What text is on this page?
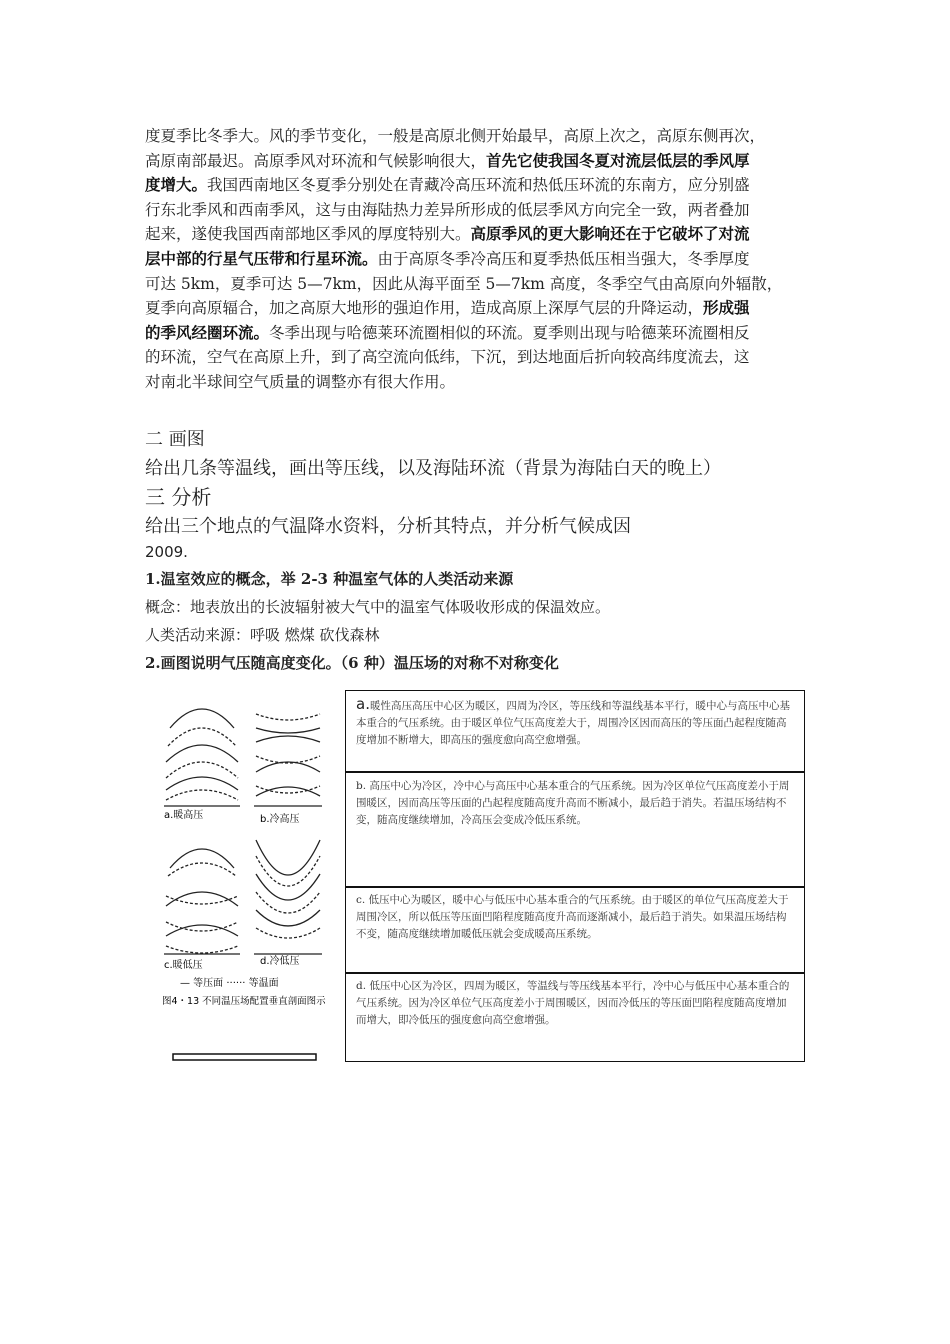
度夏季比冬季大。风的季节变化，一般是高原北侧开始最早，高原上次之，高原东侧再次，
高原南部最迟。高原季风对环流和气候影响很大，首先它使我国冬夏对流层低层的季风厚
度增大。我国西南地区冬夏季分别处在青藏冷高压环流和热低压环流的东南方，应分别盛
行东北季风和西南季风，这与由海陆热力差异所形成的低层季风方向完全一致，两者叠加
起来，遂使我国西南部地区季风的厚度特别大。高原季风的更大影响还在于它破坏了对流
层中部的行星气压带和行星环流。由于高原冬季冷高压和夏季热低压相当强大，冬季厚度
可达 5km，夏季可达 5—7km，因此从海平面至 5—7km 高度，冬季空气由高原向外辐散，
夏季向高原辐合，加之高原大地形的强迫作用，造成高原上深厚气层的升降运动，形成强
的季风经圈环流。冬季出现与哈德莱环流圈相似的环流。夏季则出现与哈德莱环流圈相反
的环流，空气在高原上升，到了高空流向低纬，下沉，到达地面后折向较高纬度流去，这
对南北半球间空气质量的调整亦有很大作用。
二 画图
给出几条等温线，画出等压线，以及海陆环流（背景为海陆白天的晚上）
三 分析
给出三个地点的气温降水资料，分析其特点，并分析气候成因
2009.
1.温室效应的概念，举 2-3 种温室气体的人类活动来源
概念：地表放出的长波辐射被大气中的温室气体吸收形成的保温效应。
人类活动来源：呼吸 燃煤 砍伐森林
2.画图说明气压随高度变化。（6 种）温压场的对称不对称变化
a.暖高压	b.冷高压
c.暖低压	d.冷低压
— 等压面 ······ 等温面
图4・13 不同温压场配置垂直剖面图示
a.暖性高压高压中心区为暖区，四周为冷区，等压线和等温线基本平行，暖中心与高压中心基本重合的气压系统。由于暖区单位气压高度差大于，周围冷区因而高压的等压面凸起程度随高度增加不断增大，即高压的强度愈向高空愈增强。
b. 高压中心为冷区，冷中心与高压中心基本重合的气压系统。因为冷区单位气压高度差小于周围暖区，因而高压等压面的凸起程度随高度升高而不断减小，最后趋于消失。若温压场结构不变，随高度继续增加，冷高压会变成冷低压系统。
c. 低压中心为暖区，暖中心与低压中心基本重合的气压系统。由于暖区的单位气压高度差大于周围冷区，所以低压等压面凹陷程度随高度升高而逐渐减小，最后趋于消失。如果温压场结构不变，随高度继续增加暖低压就会变成暖高压系统。
d. 低压中心区为冷区，四周为暖区，等温线与等压线基本平行，冷中心与低压中心基本重合的气压系统。因为冷区单位气压高度差小于周围暖区，因而冷低压的等压面凹陷程度随高度增加而增大，即冷低压的强度愈向高空愈增强。
